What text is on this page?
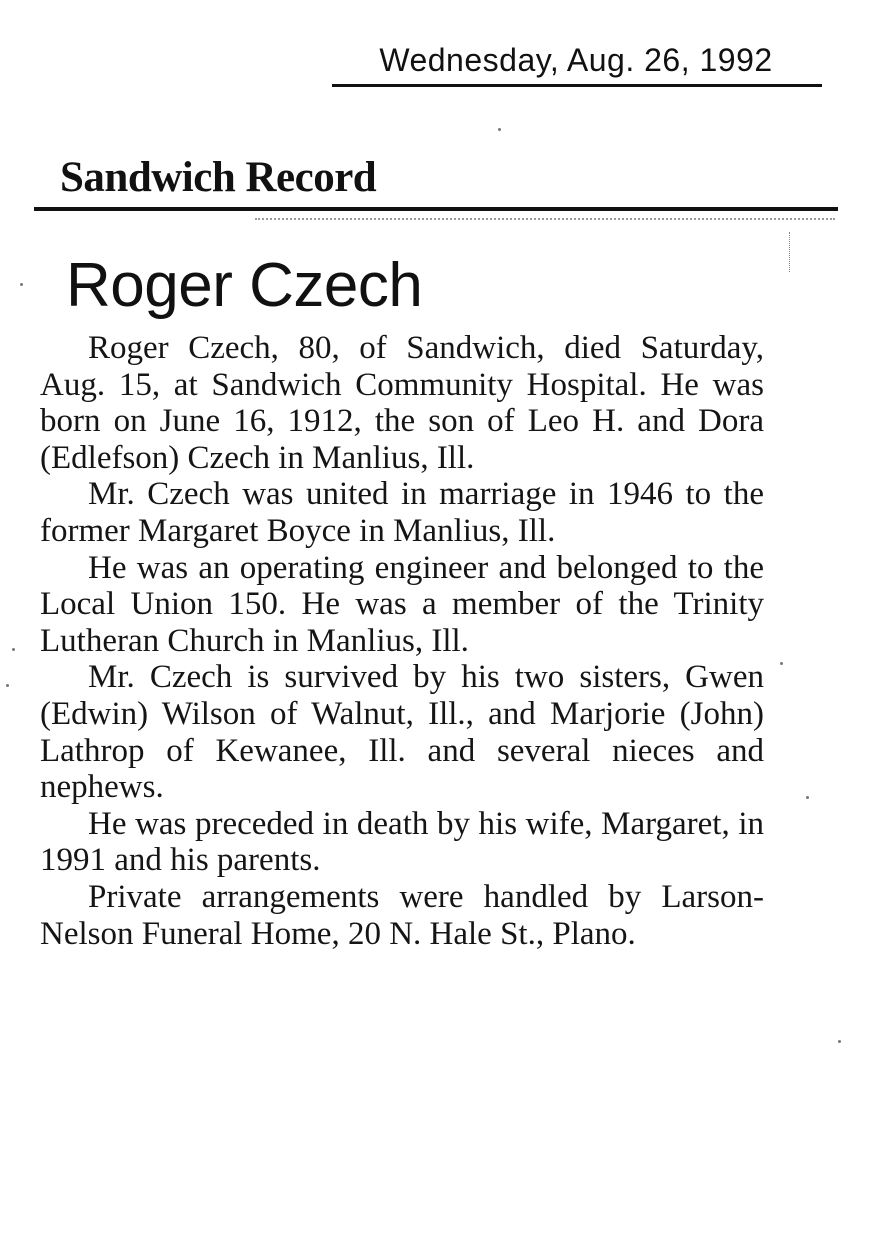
Wednesday, Aug. 26, 1992
Sandwich Record
Roger Czech

Roger Czech, 80, of Sandwich, died Saturday, Aug. 15, at Sandwich Community Hospital. He was born on June 16, 1912, the son of Leo H. and Dora (Edlefson) Czech in Manlius, Ill.

Mr. Czech was united in marriage in 1946 to the former Margaret Boyce in Manlius, Ill.

He was an operating engineer and belonged to the Local Union 150. He was a member of the Trinity Lutheran Church in Manlius, Ill.

Mr. Czech is survived by his two sisters, Gwen (Edwin) Wilson of Walnut, Ill., and Marjorie (John) Lathrop of Kewanee, Ill. and several nieces and nephews.

He was preceded in death by his wife, Margaret, in 1991 and his parents.

Private arrangements were handled by Larson-Nelson Funeral Home, 20 N. Hale St., Plano.
